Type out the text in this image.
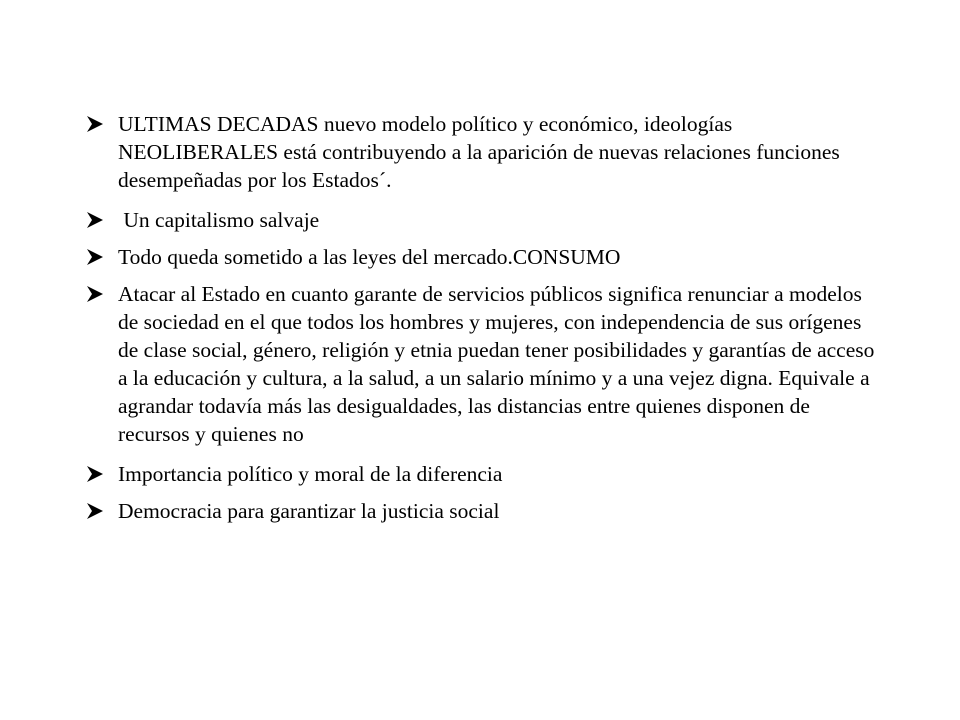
ULTIMAS DECADAS nuevo modelo político y económico, ideologías NEOLIBERALES está contribuyendo a la aparición de nuevas relaciones funciones desempeñadas por los Estados´.
Un capitalismo salvaje
Todo queda sometido a las leyes del mercado.CONSUMO
Atacar al Estado en cuanto garante de servicios públicos significa renunciar a modelos de sociedad en el que todos los hombres y mujeres, con independencia de sus orígenes de clase social, género, religión y etnia puedan tener posibilidades y garantías de acceso a la educación y cultura, a la salud, a un salario mínimo y a una vejez digna. Equivale a agrandar todavía más las desigualdades, las distancias entre quienes disponen de recursos y quienes no
Importancia político y moral de la diferencia
Democracia para garantizar la justicia social
